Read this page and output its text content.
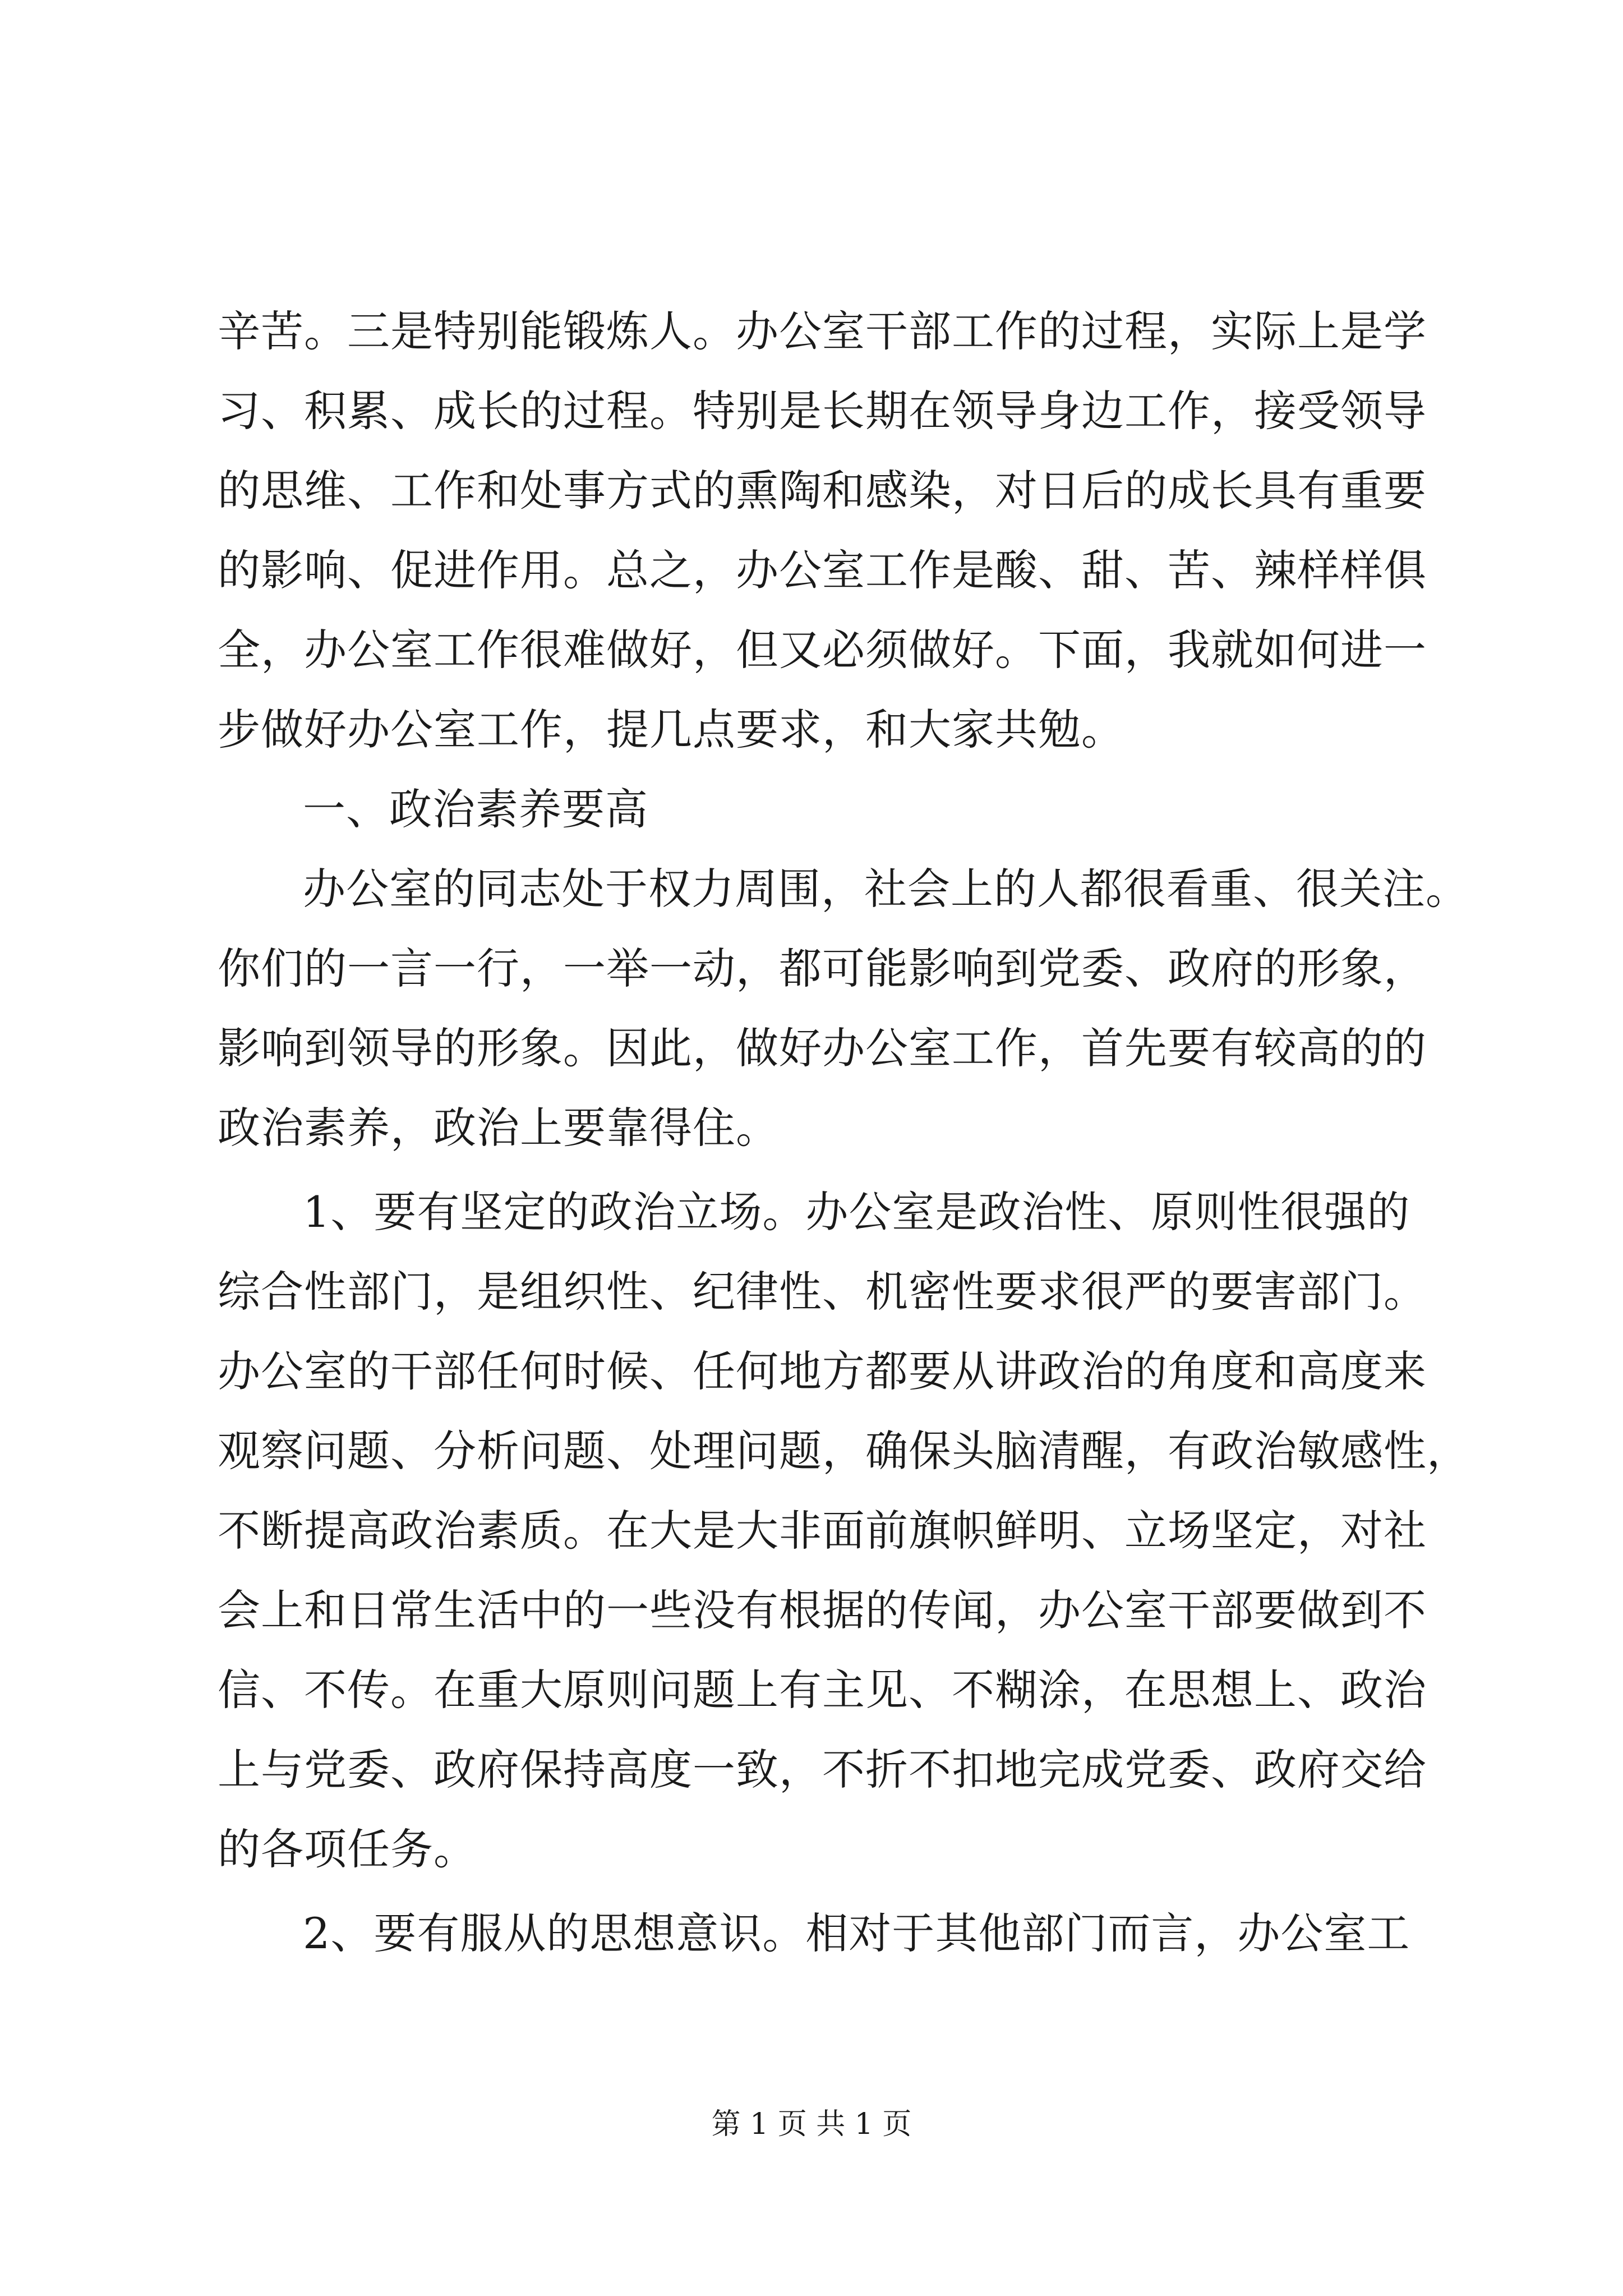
辛苦。三是特别能锻炼人。办公室干部工作的过程，实际上是学
习、积累、成长的过程。特别是长期在领导身边工作，接受领导
的思维、工作和处事方式的熏陶和感染，对日后的成长具有重要
的影响、促进作用。总之，办公室工作是酸、甜、苦、辣样样俱
全，办公室工作很难做好，但又必须做好。下面，我就如何进一
步做好办公室工作，提几点要求，和大家共勉。
一、政治素养要高
办公室的同志处于权力周围，社会上的人都很看重、很关注。
你们的一言一行，一举一动，都可能影响到党委、政府的形象，
影响到领导的形象。因此，做好办公室工作，首先要有较高的的
政治素养，政治上要靠得住。
1、要有坚定的政治立场。办公室是政治性、原则性很强的
综合性部门，是组织性、纪律性、机密性要求很严的要害部门。
办公室的干部任何时候、任何地方都要从讲政治的角度和高度来
观察问题、分析问题、处理问题，确保头脑清醒，有政治敏感性，
不断提高政治素质。在大是大非面前旗帜鲜明、立场坚定，对社
会上和日常生活中的一些没有根据的传闻，办公室干部要做到不
信、不传。在重大原则问题上有主见、不糊涂，在思想上、政治
上与党委、政府保持高度一致，不折不扣地完成党委、政府交给
的各项任务。
2、要有服从的思想意识。相对于其他部门而言，办公室工
第 1 页 共 1 页
